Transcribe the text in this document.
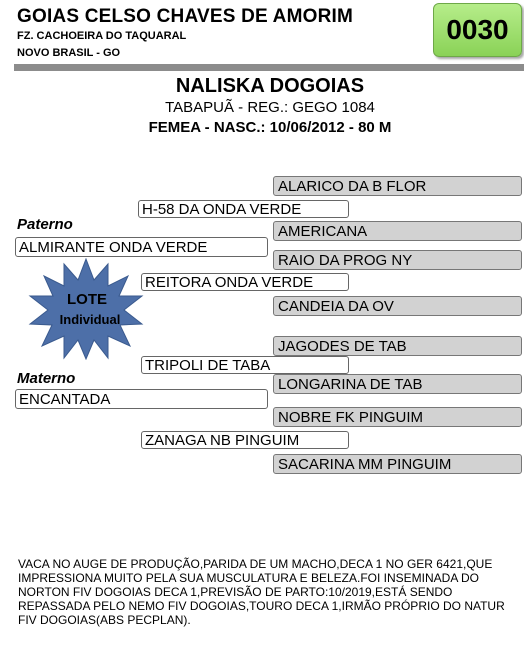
GOIAS CELSO CHAVES DE AMORIM
FZ. CACHOEIRA DO TAQUARAL
NOVO BRASIL - GO
0030
NALISKA DOGOIAS
TABAPUÃ - REG.: GEGO 1084
FEMEA - NASC.: 10/06/2012 - 80 M
ALARICO DA B FLOR
AMERICANA
RAIO DA PROG NY
CANDEIA DA OV
JAGODES DE TAB
LONGARINA DE TAB
NOBRE FK PINGUIM
SACARINA MM PINGUIM
H-58 DA ONDA VERDE
REITORA ONDA VERDE
TRIPOLI DE TABA
ZANAGA NB PINGUIM
Paterno
ALMIRANTE ONDA VERDE
Materno
ENCANTADA
LOTE
Individual
VACA NO AUGE DE PRODUÇÃO,PARIDA DE UM MACHO,DECA 1 NO GER 6421,QUE IMPRESSIONA MUITO PELA SUA MUSCULATURA E BELEZA.FOI INSEMINADA DO NORTON FIV DOGOIAS DECA 1,PREVISÃO DE PARTO:10/2019,ESTÁ SENDO REPASSADA PELO NEMO FIV DOGOIAS,TOURO DECA 1,IRMÃO PRÓPRIO DO NATUR FIV DOGOIAS(ABS PECPLAN).
